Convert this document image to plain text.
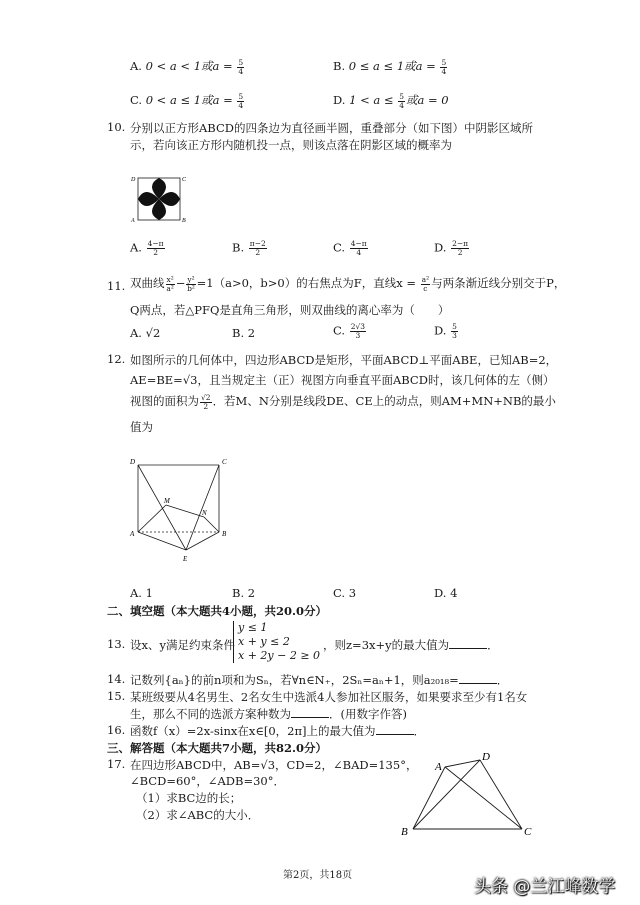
A. 0 < a < 1或$a = \frac{5}{4}$	B. 0 ≤ a ≤ 1或$a = \frac{5}{4}$
C. 0 < a ≤ 1或$a = \frac{5}{4}$	D. $1 < a \le \frac{5}{4}$ 或a = 0
10. 分别以正方形ABCD的四条边为直径画半圆，重叠部分（如下图）中阴影区域所
示，若向该正方形内随机投一点，则该点落在阴影区域的概率为
D	C
A	B
A. $\frac{4-\pi}{2}$	B. $\frac{\pi-2}{2}$	C. $\frac{4-\pi}{4}$	D. $\frac{2-\pi}{2}$
11. 双曲线 $\frac{\text{x²}}{\text{a²}} - \frac{\text{y²}}{\text{b²}} =1(a>0$，b>0）的右焦点为F，直线$x = \frac{\text{a²}}{c}$ 与两条渐近线分别交于P，
Q两点，若△PFQ是直角三角形，则双曲线的离心率为（　　）
A. √2	B. 2	C. $\frac{2√3}{3}$	D. $\frac{5}{3}$
12. 如图所示的几何体中，四边形ABCD是矩形，平面ABCD⊥平面ABE，已知AB=2，
AE=BE=√3，且当规定主（正）视图方向垂直平面ABCD时，该几何体的左（侧）
视图的面积为 $\frac{√2}{2}$ ．若M、N分别是线段DE、CE上的动点，则AM+MN+NB的最小
值为
D	C
M
N
A	B
E
A. 1	B. 2	C. 3	D. 4
二、填空题（本大题共4小题，共20.0分）
13. 设x、y满足约束条件
y ≤ 1
x + y ≤ 2
x + 2y − 2 ≥ 0
，则z=3x+y的最大值为	．
14. 记数列{aₙ}的前n项和为Sₙ，若∀n∈N₊，2Sₙ=aₙ+1，则a₂₀₁₈=	．
15. 某班级要从4名男生、2名女生中选派4人参加社区服务，如果要求至少有1名女
生，那么不同的选派方案种数为	．(用数字作答)
16. 函数f（x）=2x-sinx在x∈[0，2π]上的最大值为	．
三、解答题（本大题共7小题，共82.0分）
17. 在四边形ABCD中，AB=√3，CD=2，∠BAD=135°，
∠BCD=60°，∠ADB=30°．
（1）求BC边的长；
（2）求∠ABC的大小．
A
D
B	C
第2页，共18页
头条 @兰江峰数学
